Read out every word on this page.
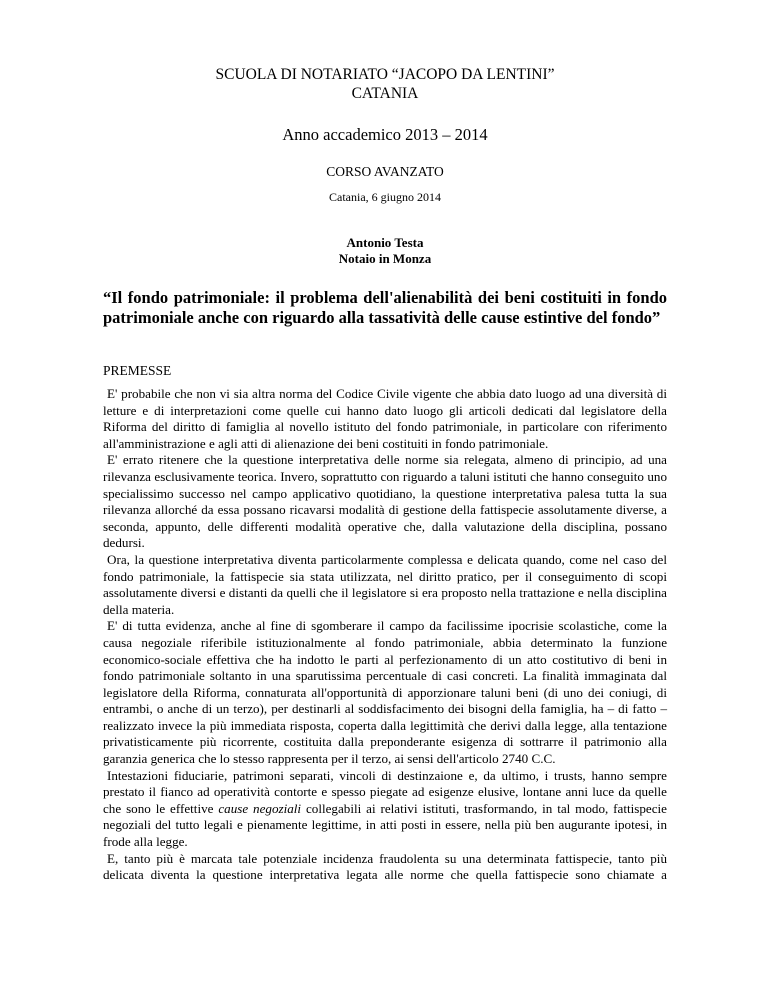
SCUOLA DI NOTARIATO “JACOPO DA LENTINI”
CATANIA
Anno accademico 2013 – 2014
CORSO AVANZATO
Catania, 6 giugno 2014
Antonio Testa
Notaio in Monza
“Il fondo patrimoniale: il problema dell'alienabilità dei beni costituiti in fondo patrimoniale anche con riguardo alla tassatività delle cause estintive del fondo”
PREMESSE

E' probabile che non vi sia altra norma del Codice Civile vigente che abbia dato luogo ad una diversità di letture e di interpretazioni come quelle cui hanno dato luogo gli articoli dedicati dal legislatore della Riforma del diritto di famiglia al novello istituto del fondo patrimoniale, in particolare con riferimento all'amministrazione e agli atti di alienazione dei beni costituiti in fondo patrimoniale.

E' errato ritenere che la questione interpretativa delle norme sia relegata, almeno di principio, ad una rilevanza esclusivamente teorica. Invero, soprattutto con riguardo a taluni istituti che hanno conseguito uno specialissimo successo nel campo applicativo quotidiano, la questione interpretativa palesa tutta la sua rilevanza allorché da essa possano ricavarsi modalità di gestione della fattispecie assolutamente diverse, a seconda, appunto, delle differenti modalità operative che, dalla valutazione della disciplina, possano dedursi.

Ora, la questione interpretativa diventa particolarmente complessa e delicata quando, come nel caso del fondo patrimoniale, la fattispecie sia stata utilizzata, nel diritto pratico, per il conseguimento di scopi assolutamente diversi e distanti da quelli che il legislatore si era proposto nella trattazione e nella disciplina della materia.

E' di tutta evidenza, anche al fine di sgomberare il campo da facilissime ipocrisie scolastiche, come la causa negoziale riferibile istituzionalmente al fondo patrimoniale, abbia determinato la funzione economico-sociale effettiva che ha indotto le parti al perfezionamento di un atto costitutivo di beni in fondo patrimoniale soltanto in una sparutissima percentuale di casi concreti. La finalità immaginata dal legislatore della Riforma, connaturata all'opportunità di apporzionare taluni beni (di uno dei coniugi, di entrambi, o anche di un terzo), per destinarli al soddisfacimento dei bisogni della famiglia, ha – di fatto – realizzato invece la più immediata risposta, coperta dalla legittimità che derivi dalla legge, alla tentazione privatisticamente più ricorrente, costituita dalla preponderante esigenza di sottrarre il patrimonio alla garanzia generica che lo stesso rappresenta per il terzo, ai sensi dell'articolo 2740 C.C.

Intestazioni fiduciarie, patrimoni separati, vincoli di destinzaione e, da ultimo, i trusts, hanno sempre prestato il fianco ad operatività contorte e spesso piegate ad esigenze elusive, lontane anni luce da quelle che sono le effettive cause negoziali collegabili ai relativi istituti, trasformando, in tal modo, fattispecie negoziali del tutto legali e pienamente legittime, in atti posti in essere, nella più ben augurante ipotesi, in frode alla legge.

E, tanto più è marcata tale potenziale incidenza fraudolenta su una determinata fattispecie, tanto più delicata diventa la questione interpretativa legata alle norme che quella fattispecie sono chiamate a
